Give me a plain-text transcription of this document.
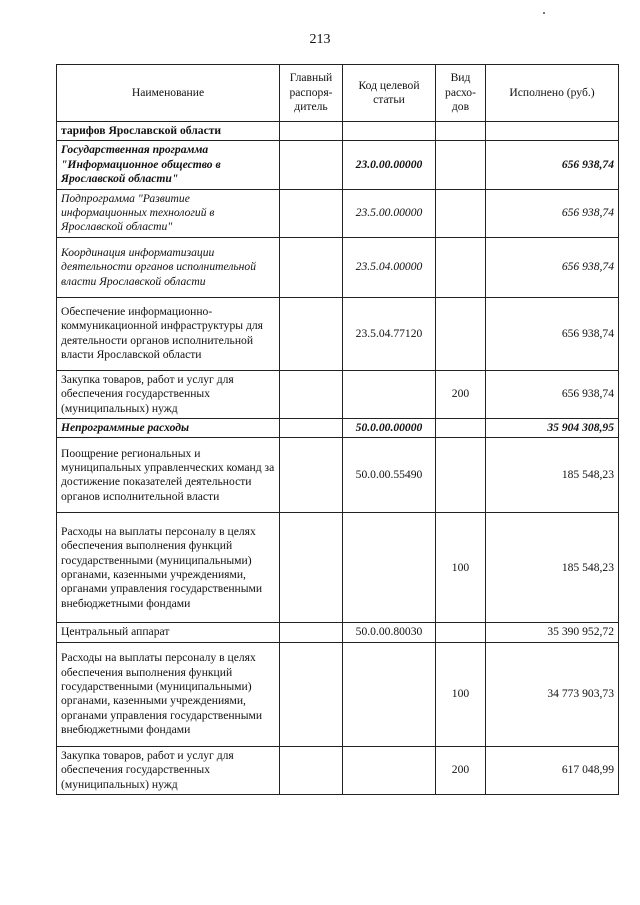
213
Наименование	Главный распоря-дитель	Код целевой статьи	Вид расхо-дов	Исполнено (руб.)
тарифов Ярославской области				
Государственная программа "Информационное общество в Ярославской области"		23.0.00.00000		656 938,74
Подпрограмма "Развитие информационных технологий в Ярославской области"		23.5.00.00000		656 938,74
Координация информатизации деятельности органов исполнительной власти Ярославской области		23.5.04.00000		656 938,74
Обеспечение информационно-коммуникационной инфраструктуры для деятельности органов исполнительной власти Ярославской области		23.5.04.77120		656 938,74
Закупка товаров, работ и услуг для обеспечения государственных (муниципальных) нужд			200	656 938,74
Непрограммные расходы		50.0.00.00000		35 904 308,95
Поощрение региональных и муниципальных управленческих команд за достижение показателей деятельности органов исполнительной власти		50.0.00.55490		185 548,23
Расходы на выплаты персоналу в целях обеспечения выполнения функций государственными (муниципальными) органами, казенными учреждениями, органами управления государственными внебюджетными фондами			100	185 548,23
Центральный аппарат		50.0.00.80030		35 390 952,72
Расходы на выплаты персоналу в целях обеспечения выполнения функций государственными (муниципальными) органами, казенными учреждениями, органами управления государственными внебюджетными фондами			100	34 773 903,73
Закупка товаров, работ и услуг для обеспечения государственных (муниципальных) нужд			200	617 048,99
